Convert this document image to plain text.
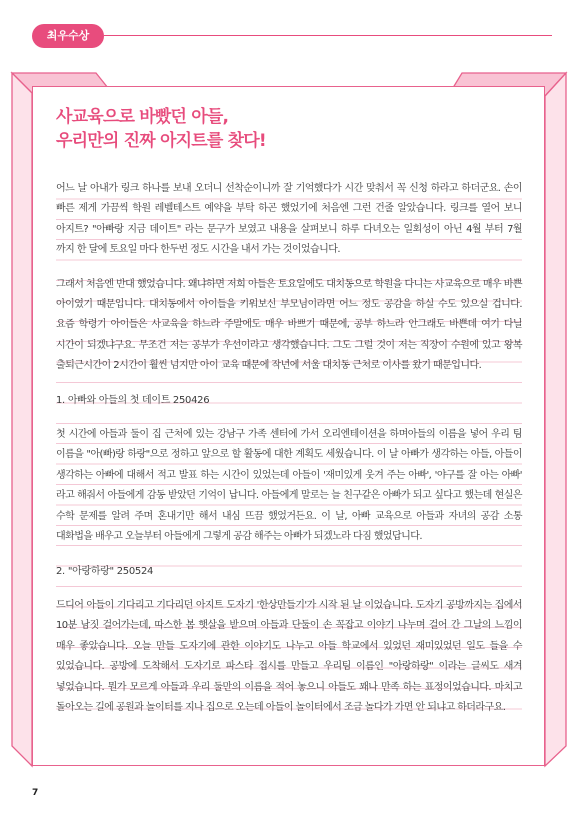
최우수상
사교육으로 바빴던 아들,
우리만의 진짜 아지트를 찾다!

어느 날 아내가 링크 하나를 보내 오더니 선착순이니까 잘 기억했다가 시간 맞춰서 꼭 신청 하라고 하더군요. 손이 빠른 제게 가끔씩 학원 레벨테스트 예약을 부탁 하곤 했었기에 처음엔 그런 건줄 알았습니다. 링크를 열어 보니 아지트? "아빠랑 지금 데이트" 라는 문구가 보였고 내용을 살펴보니 하루 다녀오는 일회성이 아닌 4월 부터 7월 까지 한 달에 토요일 마다 한두번 정도 시간을 내서 가는 것이었습니다.

그래서 처음엔 반대 했었습니다. 왜냐하면 저희 아들은 토요일에도 대치동으로 학원을 다니는 사교육으로 매우 바쁜 아이였기 때문입니다. 대치동에서 아이들을 키워보신 부모님이라면 어느 정도 공감을 하실 수도 있으실 겁니다. 요즘 학령기 아이들은 사교육을 하느라 주말에도 매우 바쁘기 때문에, 공부 하느라 안그래도 바쁜데 여기 다닐 시간이 되겠냐구요. 무조건 저는 공부가 우선이라고 생각했습니다. 그도 그럴 것이 저는 직장이 수원에 있고 왕복 출퇴근시간이 2시간이 훨씬 넘지만 아이 교육 때문에 작년에 서울 대치동 근처로 이사를 왔기 때문입니다.

1. 아빠와 아들의 첫 데이트 250426

첫 시간에 아들과 둘이 집 근처에 있는 강남구 가족 센터에 가서 오리엔테이션을 하며아들의 이름을 넣어 우리 팀 이름을 "아(빠)랑 하랑"으로 정하고 앞으로 할 활동에 대한 계획도 세웠습니다. 이 날 아빠가 생각하는 아들, 아들이 생각하는 아빠에 대해서 적고 발표 하는 시간이 있었는데 아들이 '재미있게 웃겨 주는 아빠', '야구를 잘 아는 아빠' 라고 해줘서 아들에게 감동 받았던 기억이 납니다. 아들에게 말로는 늘 친구같은 아빠가 되고 싶다고 했는데 현실은 수학 문제를 알려 주며 혼내기만 해서 내심 뜨끔 했었거든요. 이 날, 아빠 교육으로 아들과 자녀의 공감 소통 대화법을 배우고 오늘부터 아들에게 그렇게 공감 해주는 아빠가 되겠노라 다짐 했었답니다.

2. "아랑하랑" 250524

드디어 아들이 기다리고 기다리던 아지트 도자기 '한상만들기'가 시작 된 날 이었습니다. 도자기 공방까지는 집에서 10분 남짓 걸어가는데, 따스한 봄 햇살을 받으며 아들과 단둘이 손 꼭잡고 이야기 나누며 걸어 간 그날의 느낌이 매우 좋았습니다. 오늘 만들 도자기에 관한 이야기도 나누고 아들 학교에서 있었던 재미있었던 일도 들을 수 있었습니다. 공방에 도착해서 도자기로 파스타 접시를 만들고 우리팀 이름인 "아랑하랑" 이라는 글씨도 새겨 넣었습니다. 뭔가 모르게 아들과 우리 둘만의 이름을 적어 놓으니 아들도 꽤나 만족 하는 표정이었습니다. 마치고 돌아오는 길에 공원과 놀이터를 지나 집으로 오는데 아들이 놀이터에서 조금 놀다가 가면 안 되냐고 하더라구요.

7
